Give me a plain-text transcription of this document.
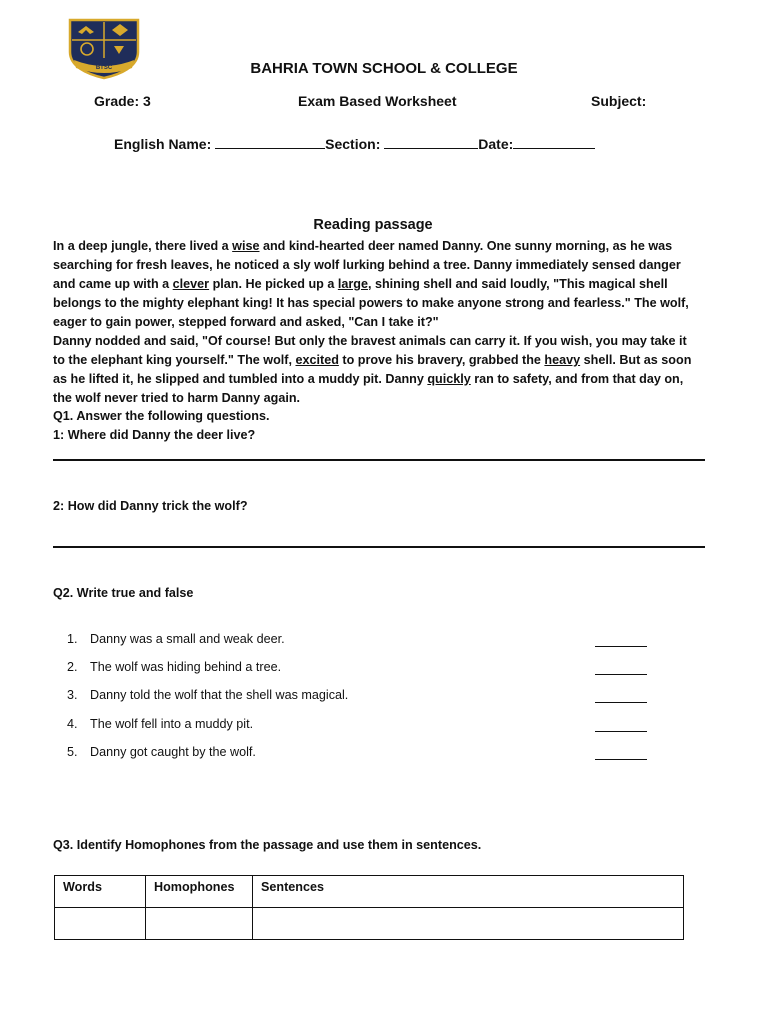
BTSC	BAHRIA TOWN SCHOOL & COLLEGE
Grade: 3	Exam Based Worksheet	Subject:
English Name:	Section:	Date:
Reading passage
In a deep jungle, there lived a wise and kind-hearted deer named Danny. One sunny morning, as he was
searching for fresh leaves, he noticed a sly wolf lurking behind a tree. Danny immediately sensed danger
and came up with a clever plan. He picked up a large, shining shell and said loudly, "This magical shell
belongs to the mighty elephant king! It has special powers to make anyone strong and fearless." The wolf,
eager to gain power, stepped forward and asked, "Can I take it?"
Danny nodded and said, "Of course! But only the bravest animals can carry it. If you wish, you may take it
to the elephant king yourself." The wolf, excited to prove his bravery, grabbed the heavy shell. But as soon
as he lifted it, he slipped and tumbled into a muddy pit. Danny quickly ran to safety, and from that day on,
the wolf never tried to harm Danny again.
Q1. Answer the following questions.
1: Where did Danny the deer live?
2: How did Danny trick the wolf?
Q2. Write true and false
1. Danny was a small and weak deer.
2. The wolf was hiding behind a tree.
3. Danny told the wolf that the shell was magical.
4. The wolf fell into a muddy pit.
5. Danny got caught by the wolf.
Q3. Identify Homophones from the passage and use them in sentences.
Words	Homophones	Sentences
